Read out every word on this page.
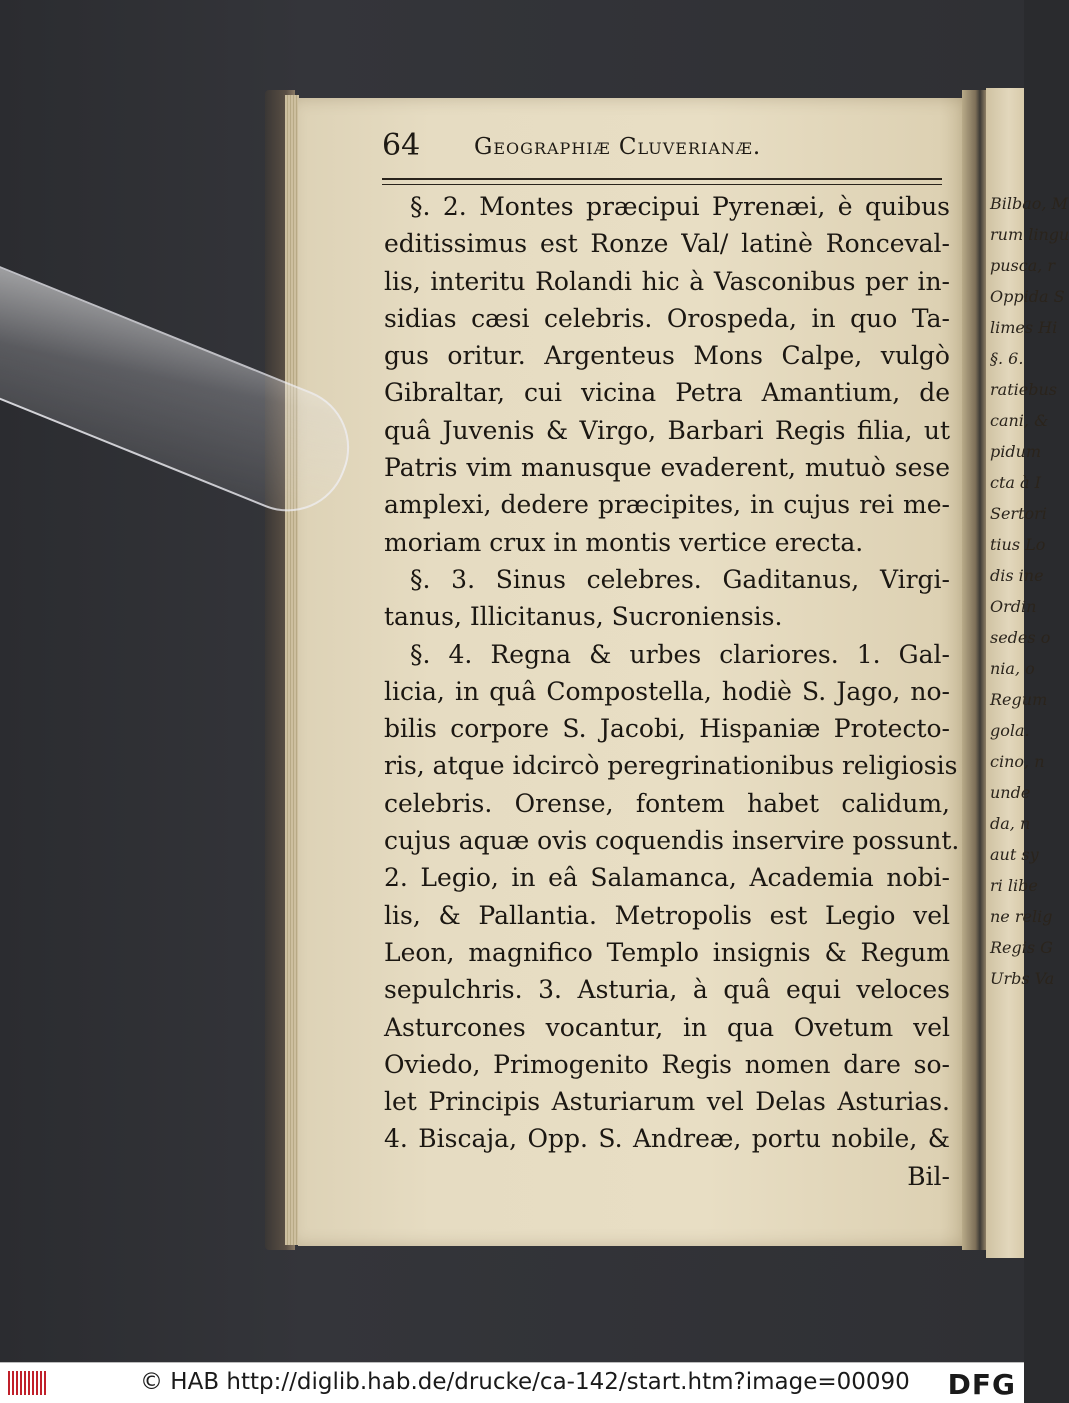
Bilbao, M
rum lingu
pusca, r
Oppida S
limes Hi
§. 6.
ratiebus
cani, &
pidum
cta à I
Sertori
tius Lo
dis ine
Ordin
sedes o
nia, o
Regum
gola.
cino, n
unde
da, n
aut sy
ri libe
ne relig
Regis G
Urbs Va
64 Geographiæ Cluverianæ.
§. 2. Montes præcipui Pyrenæi, è quibus
editissimus est Ronze Val/ latinè Ronceval-
lis, interitu Rolandi hic à Vasconibus per in-
sidias cæsi celebris. Orospeda, in quo Ta-
gus oritur. Argenteus Mons Calpe, vulgò
Gibraltar, cui vicina Petra Amantium, de
quâ Juvenis & Virgo, Barbari Regis filia, ut
Patris vim manusque evaderent, mutuò sese
amplexi, dedere præcipites, in cujus rei me-
moriam crux in montis vertice erecta.
§. 3. Sinus celebres. Gaditanus, Virgi-
tanus, Illicitanus, Sucroniensis.
§. 4. Regna & urbes clariores. 1. Gal-
licia, in quâ Compostella, hodiè S. Jago, no-
bilis corpore S. Jacobi, Hispaniæ Protecto-
ris, atque idcircò peregrinationibus religiosis
celebris. Orense, fontem habet calidum,
cujus aquæ ovis coquendis inservire possunt.
2. Legio, in eâ Salamanca, Academia nobi-
lis, & Pallantia. Metropolis est Legio vel
Leon, magnifico Templo insignis & Regum
sepulchris. 3. Asturia, à quâ equi veloces
Asturcones vocantur, in qua Ovetum vel
Oviedo, Primogenito Regis nomen dare so-
let Principis Asturiarum vel Delas Asturias.
4. Biscaja, Opp. S. Andreæ, portu nobile, &
Bil-
© HAB http://diglib.hab.de/drucke/ca-142/start.htm?image=00090 DFG
